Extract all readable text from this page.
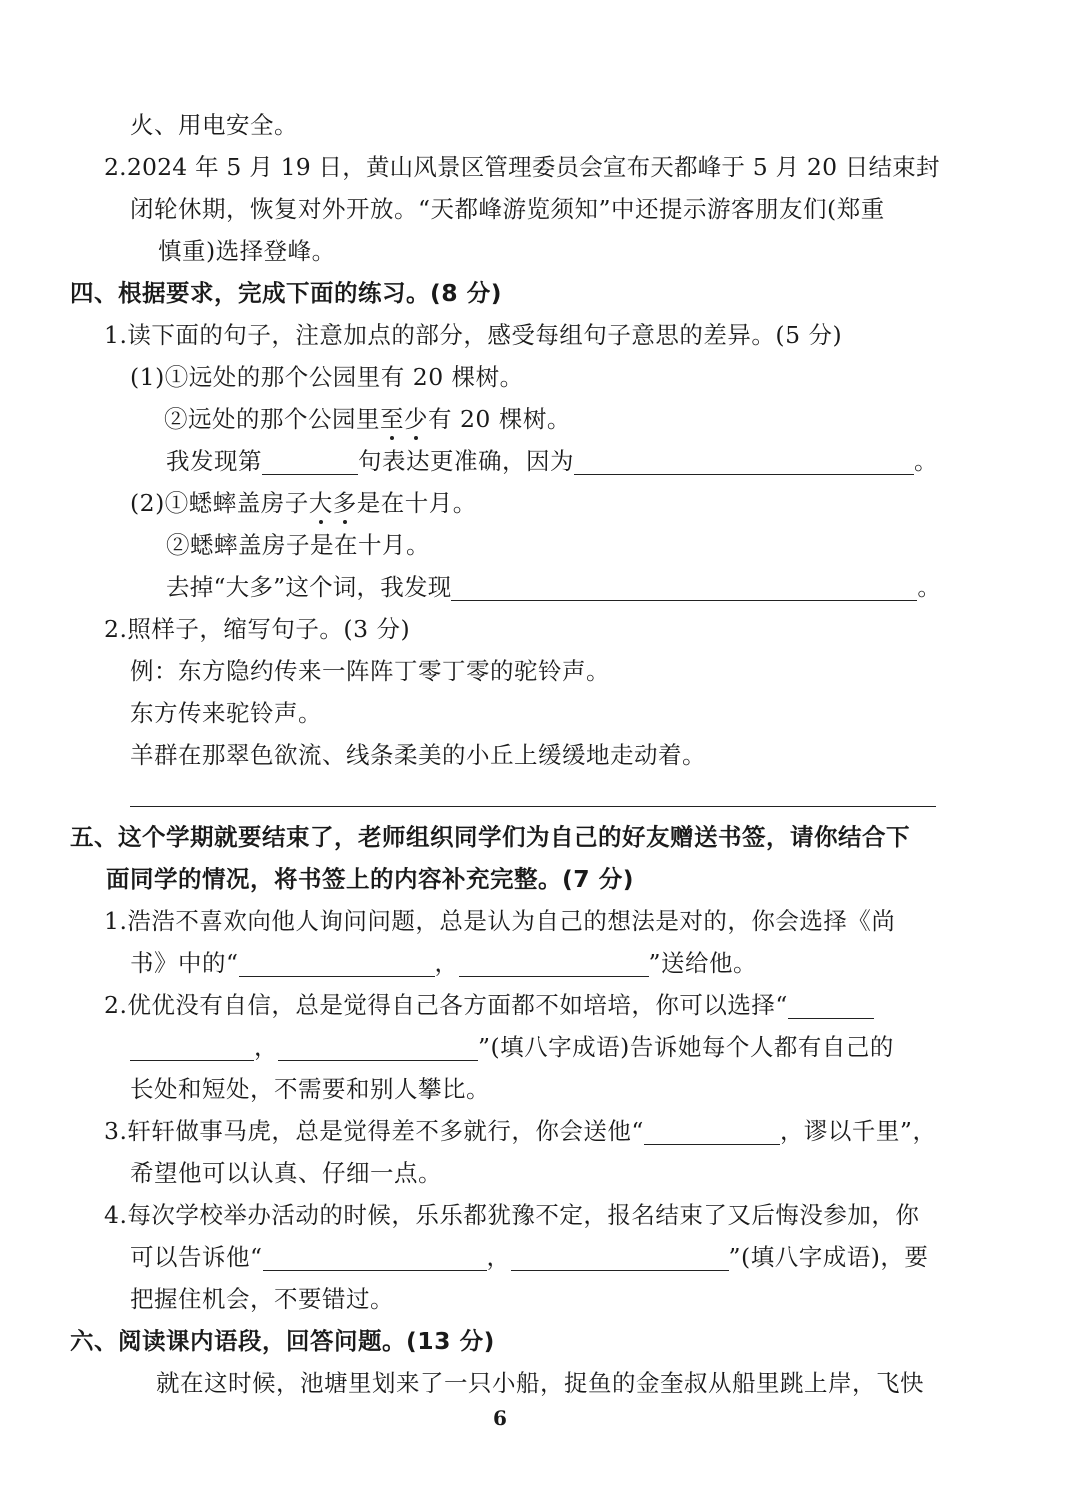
火、用电安全。
2.2024 年 5 月 19 日，黄山风景区管理委员会宣布天都峰于 5 月 20 日结束封
闭轮休期，恢复对外开放。“天都峰游览须知”中还提示游客朋友们(郑重
慎重)选择登峰。
四、根据要求，完成下面的练习。(8 分)
1.读下面的句子，注意加点的部分，感受每组句子意思的差异。(5 分)
(1)①远处的那个公园里有 20 棵树。
②远处的那个公园里至少有 20 棵树。
我发现第	句表达更准确，因为	。
(2)①蟋蟀盖房子大多是在十月。
②蟋蟀盖房子是在十月。
去掉“大多”这个词，我发现	。
2.照样子，缩写句子。(3 分)
例：东方隐约传来一阵阵丁零丁零的驼铃声。
东方传来驼铃声。
羊群在那翠色欲流、线条柔美的小丘上缓缓地走动着。
五、这个学期就要结束了，老师组织同学们为自己的好友赠送书签，请你结合下
面同学的情况，将书签上的内容补充完整。(7 分)
1.浩浩不喜欢向他人询问问题，总是认为自己的想法是对的，你会选择《尚
书》中的“	，	”送给他。
2.优优没有自信，总是觉得自己各方面都不如培培，你可以选择“
，	”(填八字成语)告诉她每个人都有自己的
长处和短处，不需要和别人攀比。
3.轩轩做事马虎，总是觉得差不多就行，你会送他“	，谬以千里”，
希望他可以认真、仔细一点。
4.每次学校举办活动的时候，乐乐都犹豫不定，报名结束了又后悔没参加，你
可以告诉他“	，	”(填八字成语)，要
把握住机会，不要错过。
六、阅读课内语段，回答问题。(13 分)
就在这时候，池塘里划来了一只小船，捉鱼的金奎叔从船里跳上岸，飞快
6
